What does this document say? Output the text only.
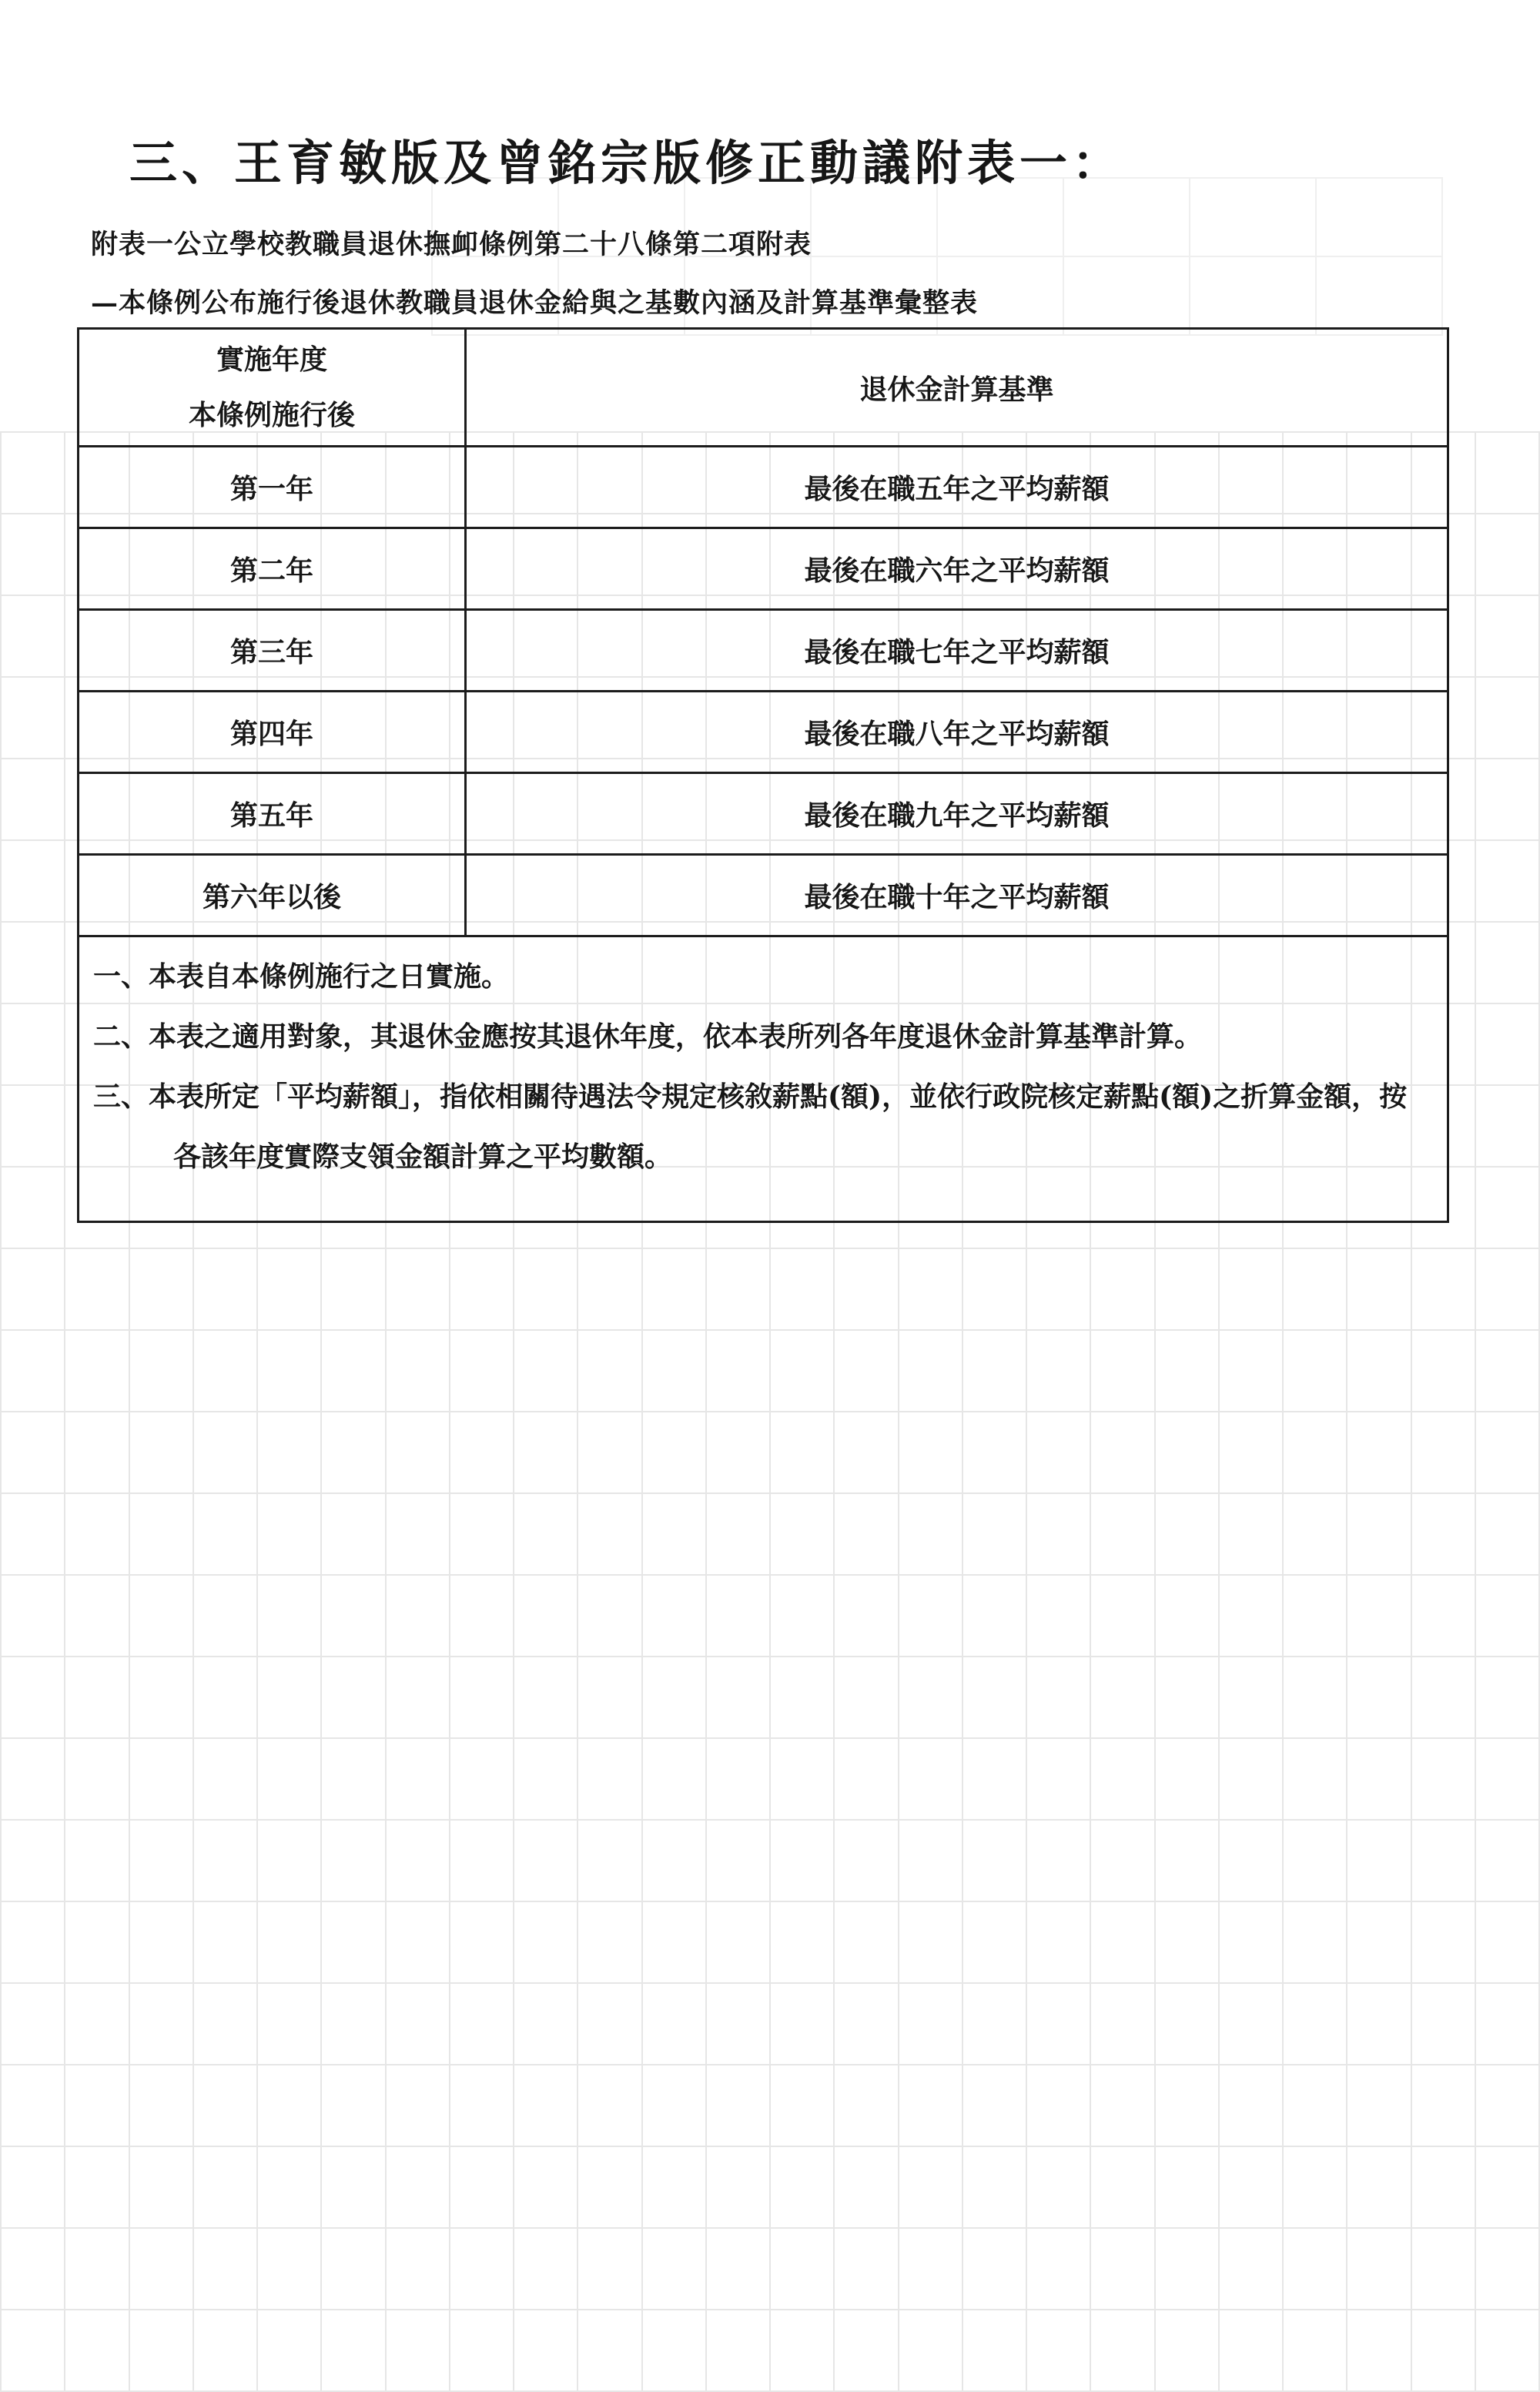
三、王育敏版及曾銘宗版修正動議附表一：

附表一公立學校教職員退休撫卹條例第二十八條第二項附表

—本條例公布施行後退休教職員退休金給與之基數內涵及計算基準彙整表

實施年度
本條例施行後	退休金計算基準
第一年	最後在職五年之平均薪額
第二年	最後在職六年之平均薪額
第三年	最後在職七年之平均薪額
第四年	最後在職八年之平均薪額
第五年	最後在職九年之平均薪額
第六年以後	最後在職十年之平均薪額

一、本表自本條例施行之日實施。

二、本表之適用對象，其退休金應按其退休年度，依本表所列各年度退休金計算基準計算。

三、本表所定「平均薪額」，指依相關待遇法令規定核敘薪點(額)，並依行政院核定薪點(額)之折算金額，按各該年度實際支領金額計算之平均數額。
